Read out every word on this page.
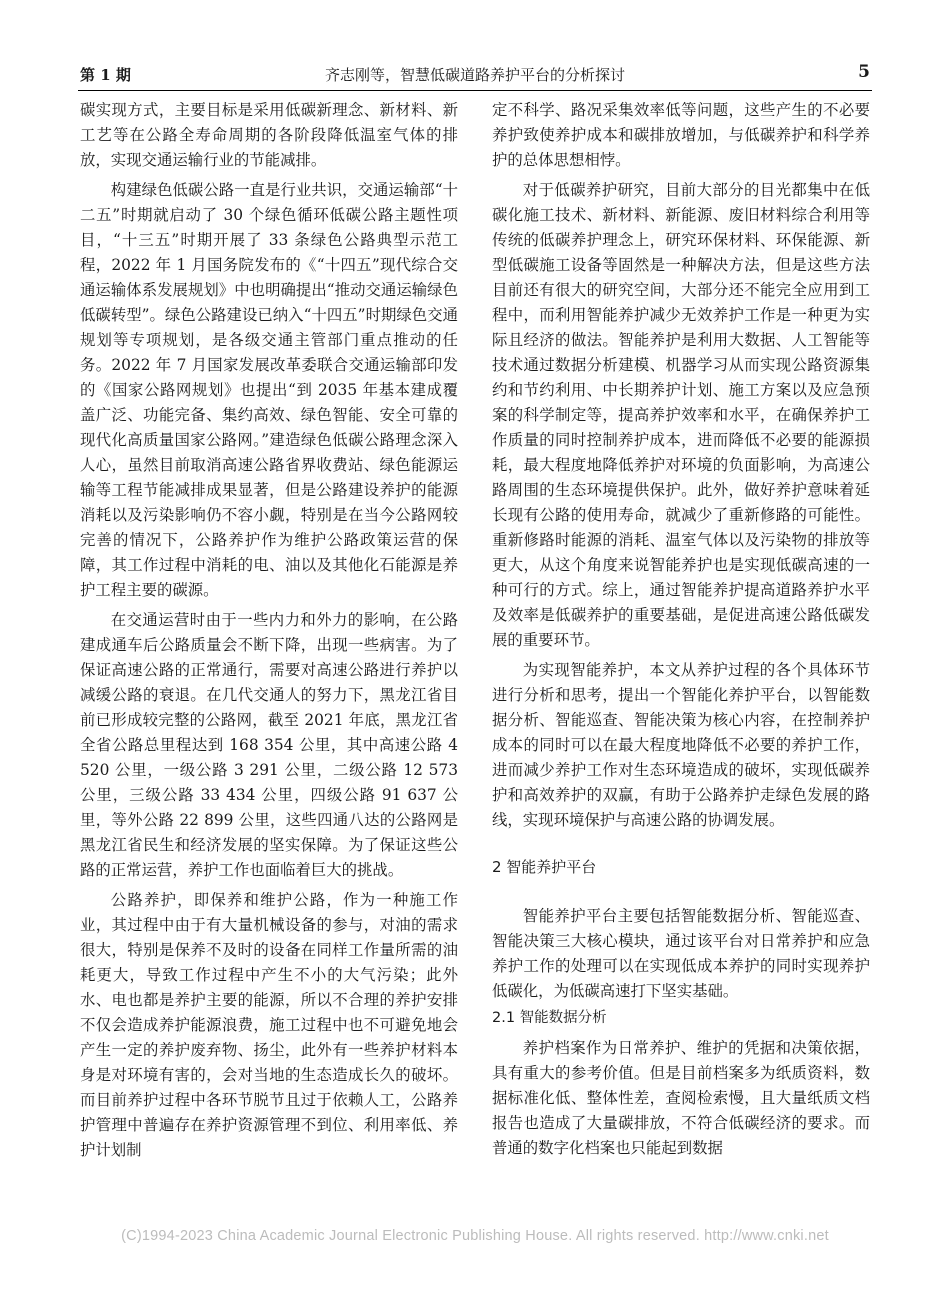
第 1 期	齐志刚等，智慧低碳道路养护平台的分析探讨	5

碳实现方式，主要目标是采用低碳新理念、新材料、新工艺等在公路全寿命周期的各阶段降低温室气体的排放，实现交通运输行业的节能减排。

构建绿色低碳公路一直是行业共识，交通运输部“十二五”时期就启动了 30 个绿色循环低碳公路主题性项目，“十三五”时期开展了 33 条绿色公路典型示范工程，2022 年 1 月国务院发布的《“十四五”现代综合交通运输体系发展规划》中也明确提出“推动交通运输绿色低碳转型”。绿色公路建设已纳入“十四五”时期绿色交通规划等专项规划，是各级交通主管部门重点推动的任务。2022 年 7 月国家发展改革委联合交通运输部印发的《国家公路网规划》也提出“到 2035 年基本建成覆盖广泛、功能完备、集约高效、绿色智能、安全可靠的现代化高质量国家公路网。”建造绿色低碳公路理念深入人心，虽然目前取消高速公路省界收费站、绿色能源运输等工程节能减排成果显著，但是公路建设养护的能源消耗以及污染影响仍不容小觑，特别是在当今公路网较完善的情况下，公路养护作为维护公路政策运营的保障，其工作过程中消耗的电、油以及其他化石能源是养护工程主要的碳源。

在交通运营时由于一些内力和外力的影响，在公路建成通车后公路质量会不断下降，出现一些病害。为了保证高速公路的正常通行，需要对高速公路进行养护以减缓公路的衰退。在几代交通人的努力下，黑龙江省目前已形成较完整的公路网，截至 2021 年底，黑龙江省全省公路总里程达到 168 354 公里，其中高速公路 4 520 公里，一级公路 3 291 公里，二级公路 12 573 公里，三级公路 33 434 公里，四级公路 91 637 公里，等外公路 22 899 公里，这些四通八达的公路网是黑龙江省民生和经济发展的坚实保障。为了保证这些公路的正常运营，养护工作也面临着巨大的挑战。

公路养护，即保养和维护公路，作为一种施工作业，其过程中由于有大量机械设备的参与，对油的需求很大，特别是保养不及时的设备在同样工作量所需的油耗更大，导致工作过程中产生不小的大气污染；此外水、电也都是养护主要的能源，所以不合理的养护安排不仅会造成养护能源浪费，施工过程中也不可避免地会产生一定的养护废弃物、扬尘，此外有一些养护材料本身是对环境有害的，会对当地的生态造成长久的破坏。而目前养护过程中各环节脱节且过于依赖人工，公路养护管理中普遍存在养护资源管理不到位、利用率低、养护计划制

定不科学、路况采集效率低等问题，这些产生的不必要养护致使养护成本和碳排放增加，与低碳养护和科学养护的总体思想相悖。

对于低碳养护研究，目前大部分的目光都集中在低碳化施工技术、新材料、新能源、废旧材料综合利用等传统的低碳养护理念上，研究环保材料、环保能源、新型低碳施工设备等固然是一种解决方法，但是这些方法目前还有很大的研究空间，大部分还不能完全应用到工程中，而利用智能养护减少无效养护工作是一种更为实际且经济的做法。智能养护是利用大数据、人工智能等技术通过数据分析建模、机器学习从而实现公路资源集约和节约利用、中长期养护计划、施工方案以及应急预案的科学制定等，提高养护效率和水平，在确保养护工作质量的同时控制养护成本，进而降低不必要的能源损耗，最大程度地降低养护对环境的负面影响，为高速公路周围的生态环境提供保护。此外，做好养护意味着延长现有公路的使用寿命，就减少了重新修路的可能性。重新修路时能源的消耗、温室气体以及污染物的排放等更大，从这个角度来说智能养护也是实现低碳高速的一种可行的方式。综上，通过智能养护提高道路养护水平及效率是低碳养护的重要基础，是促进高速公路低碳发展的重要环节。

为实现智能养护，本文从养护过程的各个具体环节进行分析和思考，提出一个智能化养护平台，以智能数据分析、智能巡查、智能决策为核心内容，在控制养护成本的同时可以在最大程度地降低不必要的养护工作，进而减少养护工作对生态环境造成的破坏，实现低碳养护和高效养护的双赢，有助于公路养护走绿色发展的路线，实现环境保护与高速公路的协调发展。

2 智能养护平台

智能养护平台主要包括智能数据分析、智能巡查、智能决策三大核心模块，通过该平台对日常养护和应急养护工作的处理可以在实现低成本养护的同时实现养护低碳化，为低碳高速打下坚实基础。

2.1 智能数据分析

养护档案作为日常养护、维护的凭据和决策依据，具有重大的参考价值。但是目前档案多为纸质资料，数据标准化低、整体性差，查阅检索慢，且大量纸质文档报告也造成了大量碳排放，不符合低碳经济的要求。而普通的数字化档案也只能起到数据

(C)1994-2023 China Academic Journal Electronic Publishing House. All rights reserved. http://www.cnki.net
